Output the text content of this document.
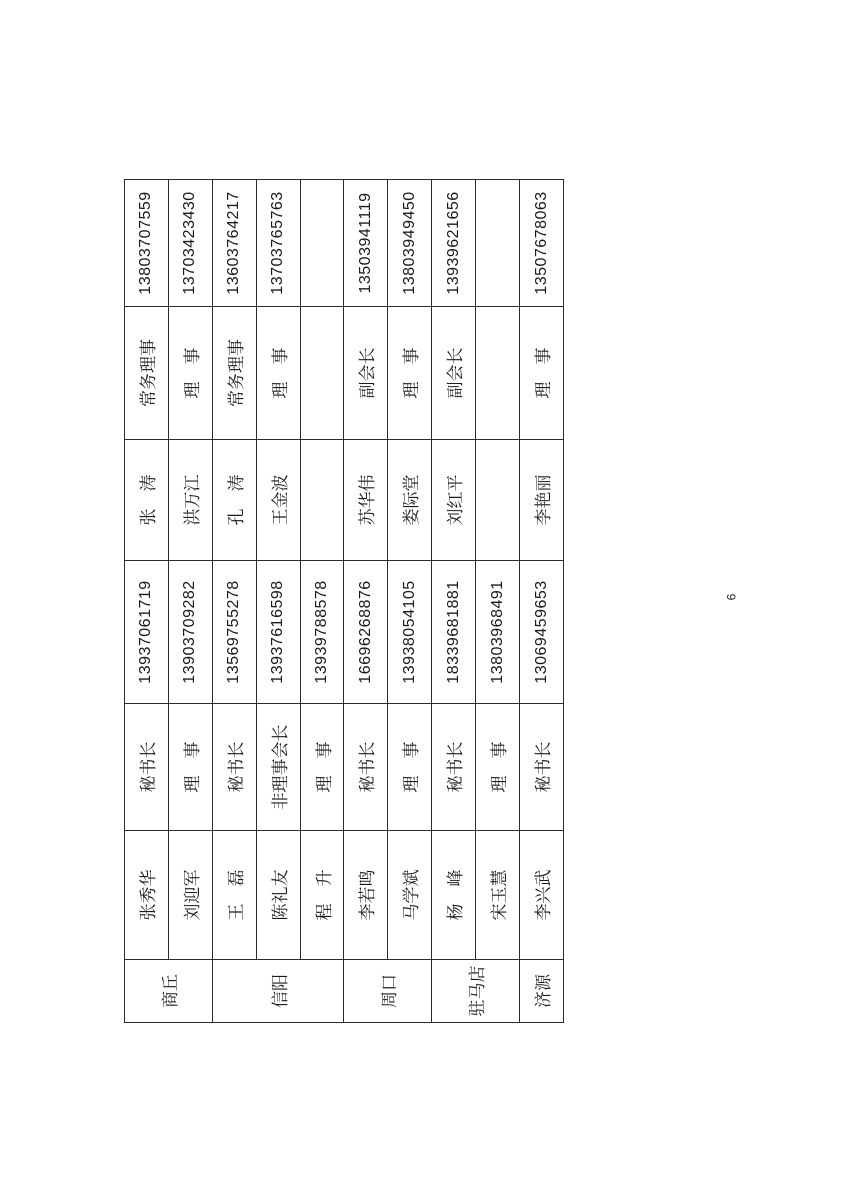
商丘	张秀华	秘书长	13937061719	张　涛	常务理事	13803707559
	刘迎军	理　事	13903709282	洪万江	理　事	13703423430
信阳	王　磊	秘书长	13569755278	孔　涛	常务理事	13603764217
	陈礼友	非理事会长	13937616598	王金波	理　事	13703765763
	程　升	理　事	13939788578			
周口	李若鸣	秘书长	16696268876	苏华伟	副会长	13503941119
	马学斌	理　事	13938054105	娄际堂	理　事	13803949450
驻马店	杨　峰	秘书长	18339681881	刘红平	副会长	13939621656
	宋玉慧	理　事	13803968491			
济源	李兴武	秘书长	13069459653	李艳丽	理　事	13507678063
6
